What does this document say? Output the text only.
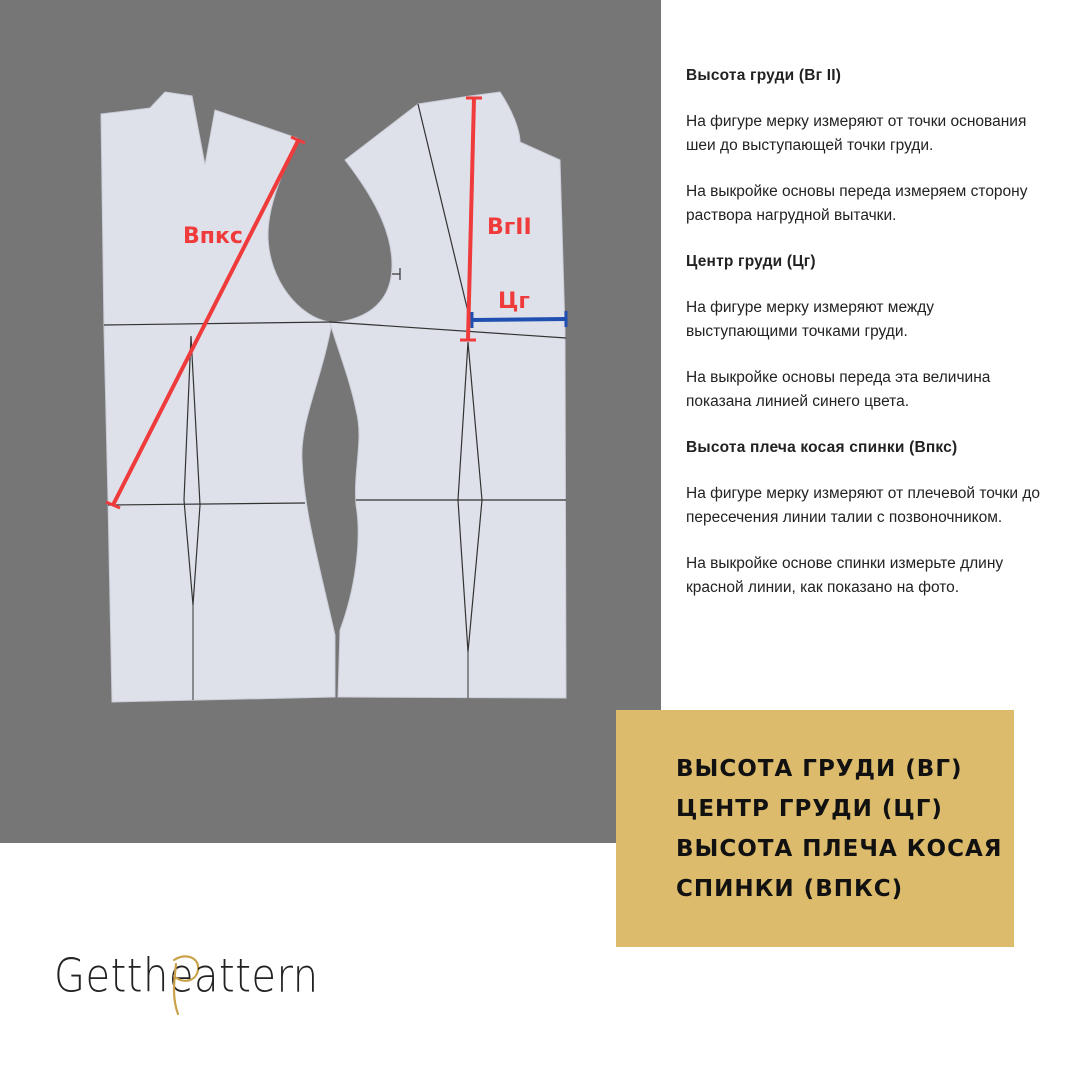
Впкс	BгII
Цг
Высота груди (Вг II)
На фигуре мерку измеряют от точки основания шеи до выступающей точки груди.
На выкройке основы переда измеряем сторону раствора нагрудной вытачки.
Центр груди (Цг)
На фигуре мерку измеряют между выступающими точками груди.
На выкройке основы переда эта величина показана линией синего цвета.
Высота плеча косая спинки (Впкс)
На фигуре мерку измеряют от плечевой точки до пересечения линии талии с позвоночником.
На выкройке основе спинки измерьте длину красной линии, как показано на фото.
ВЫСОТА ГРУДИ (ВГ)
ЦЕНТР ГРУДИ (ЦГ)
ВЫСОТА ПЛЕЧА КОСАЯ
СПИНКИ (ВПКС)
Getthe attern
